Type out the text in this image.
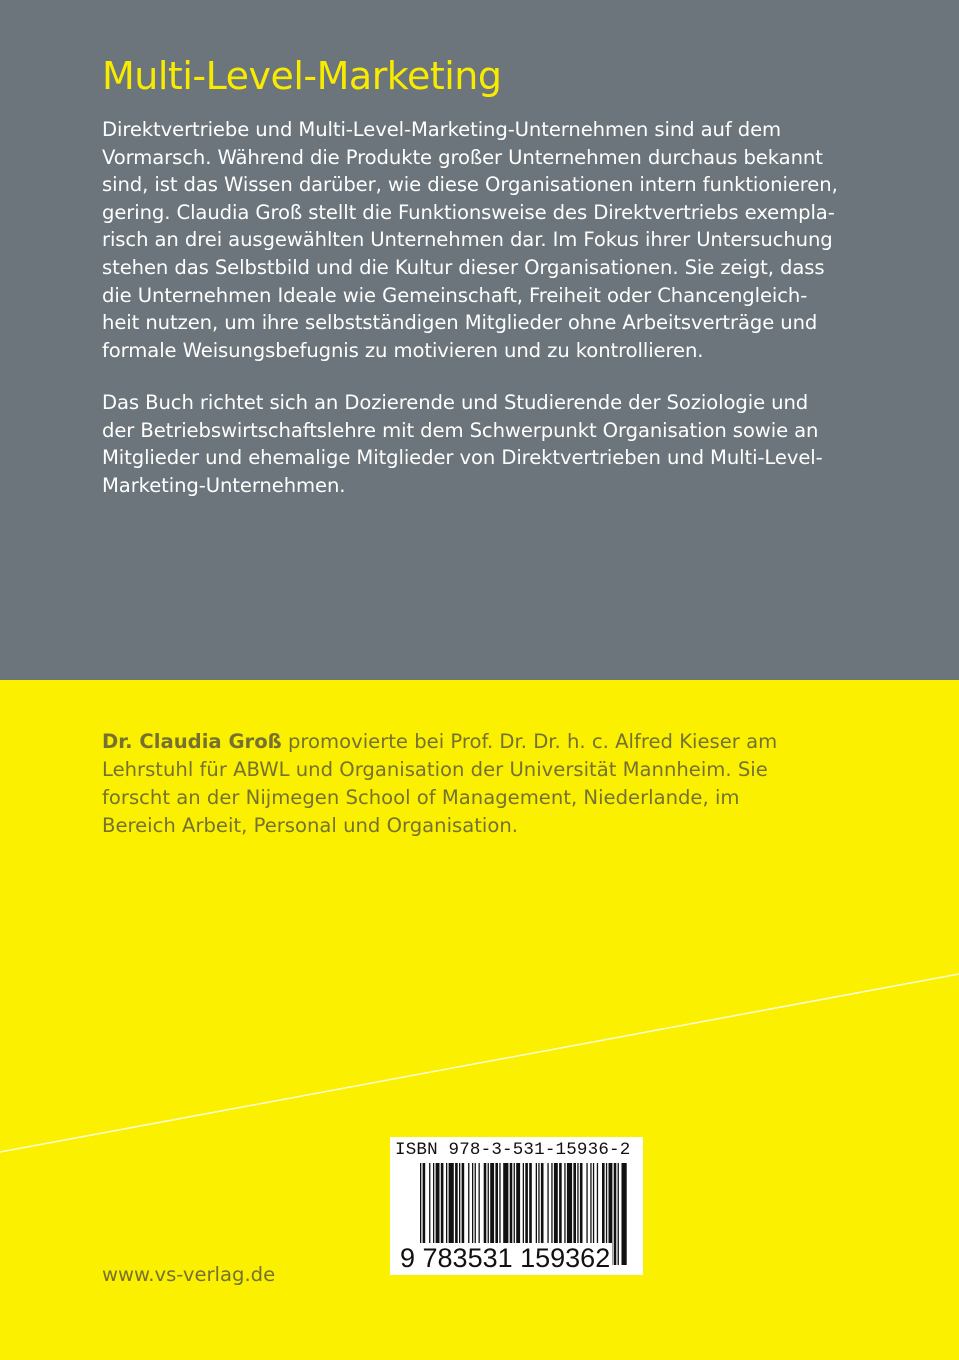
Multi-Level-Marketing
Direktvertriebe und Multi-Level-Marketing-Unternehmen sind auf dem
Vormarsch. Während die Produkte großer Unternehmen durchaus bekannt
sind, ist das Wissen darüber, wie diese Organisationen intern funktionieren,
gering. Claudia Groß stellt die Funktionsweise des Direktvertriebs exempla-
risch an drei ausgewählten Unternehmen dar. Im Fokus ihrer Untersuchung
stehen das Selbstbild und die Kultur dieser Organisationen. Sie zeigt, dass
die Unternehmen Ideale wie Gemeinschaft, Freiheit oder Chancengleich-
heit nutzen, um ihre selbstständigen Mitglieder ohne Arbeitsverträge und
formale Weisungsbefugnis zu motivieren und zu kontrollieren.
Das Buch richtet sich an Dozierende und Studierende der Soziologie und
der Betriebswirtschaftslehre mit dem Schwerpunkt Organisation sowie an
Mitglieder und ehemalige Mitglieder von Direktvertrieben und Multi-Level-
Marketing-Unternehmen.
Dr. Claudia Groß promovierte bei Prof. Dr. Dr. h. c. Alfred Kieser am
Lehrstuhl für ABWL und Organisation der Universität Mannheim. Sie
forscht an der Nijmegen School of Management, Niederlande, im
Bereich Arbeit, Personal und Organisation.
ISBN 978-3-531-15936-2
9 783531 159362
www.vs-verlag.de
